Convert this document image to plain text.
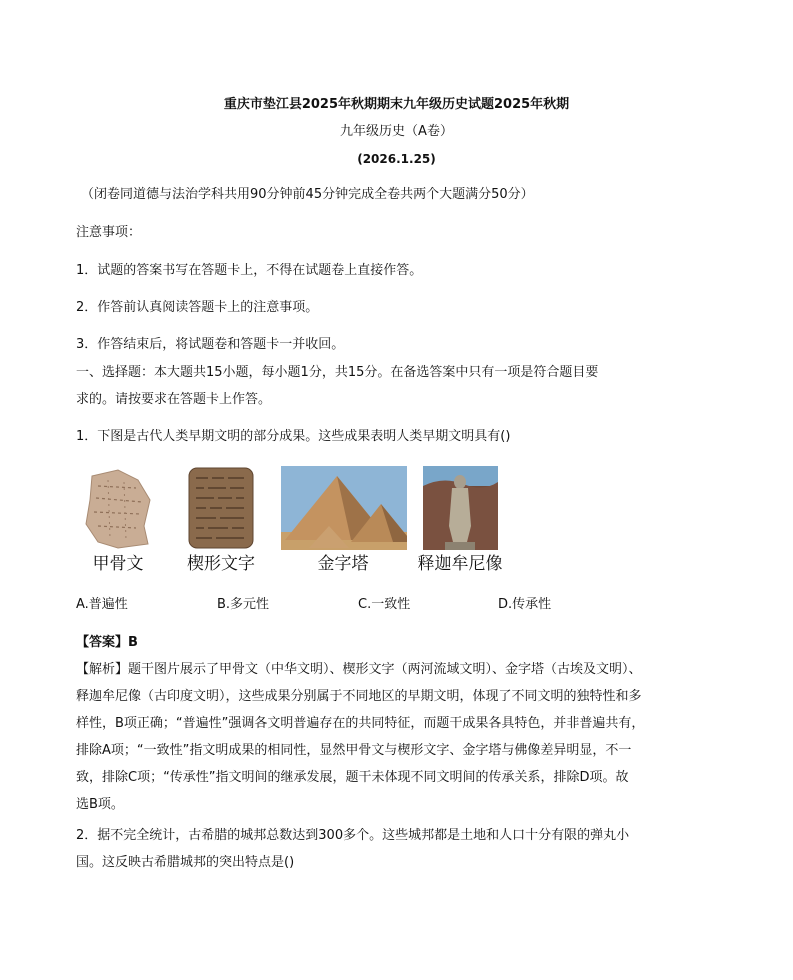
重庆市垫江县2025年秋期期末九年级历史试题2025年秋期
九年级历史（A卷）
(2026.1.25)
（闭卷同道德与法治学科共用90分钟前45分钟完成全卷共两个大题满分50分）
注意事项：
1．试题的答案书写在答题卡上，不得在试题卷上直接作答。
2．作答前认真阅读答题卡上的注意事项。
3．作答结束后，将试题卷和答题卡一并收回。
一、选择题：本大题共15小题，每小题1分，共15分。在备选答案中只有一项是符合题目要
求的。请按要求在答题卡上作答。
1．下图是古代人类早期文明的部分成果。这些成果表明人类早期文明具有()
甲骨文	楔形文字	金字塔	释迦牟尼像
A.普遍性	B.多元性	C.一致性	D.传承性
【答案】B
【解析】题干图片展示了甲骨文（中华文明）、楔形文字（两河流域文明）、金字塔（古埃及文明）、
释迦牟尼像（古印度文明），这些成果分别属于不同地区的早期文明，体现了不同文明的独特性和多
样性，B项正确；“普遍性”强调各文明普遍存在的共同特征，而题干成果各具特色，并非普遍共有，
排除A项；“一致性”指文明成果的相同性，显然甲骨文与楔形文字、金字塔与佛像差异明显，不一
致，排除C项；“传承性”指文明间的继承发展，题干未体现不同文明间的传承关系，排除D项。故
选B项。
2．据不完全统计，古希腊的城邦总数达到300多个。这些城邦都是土地和人口十分有限的弹丸小
国。这反映古希腊城邦的突出特点是()
